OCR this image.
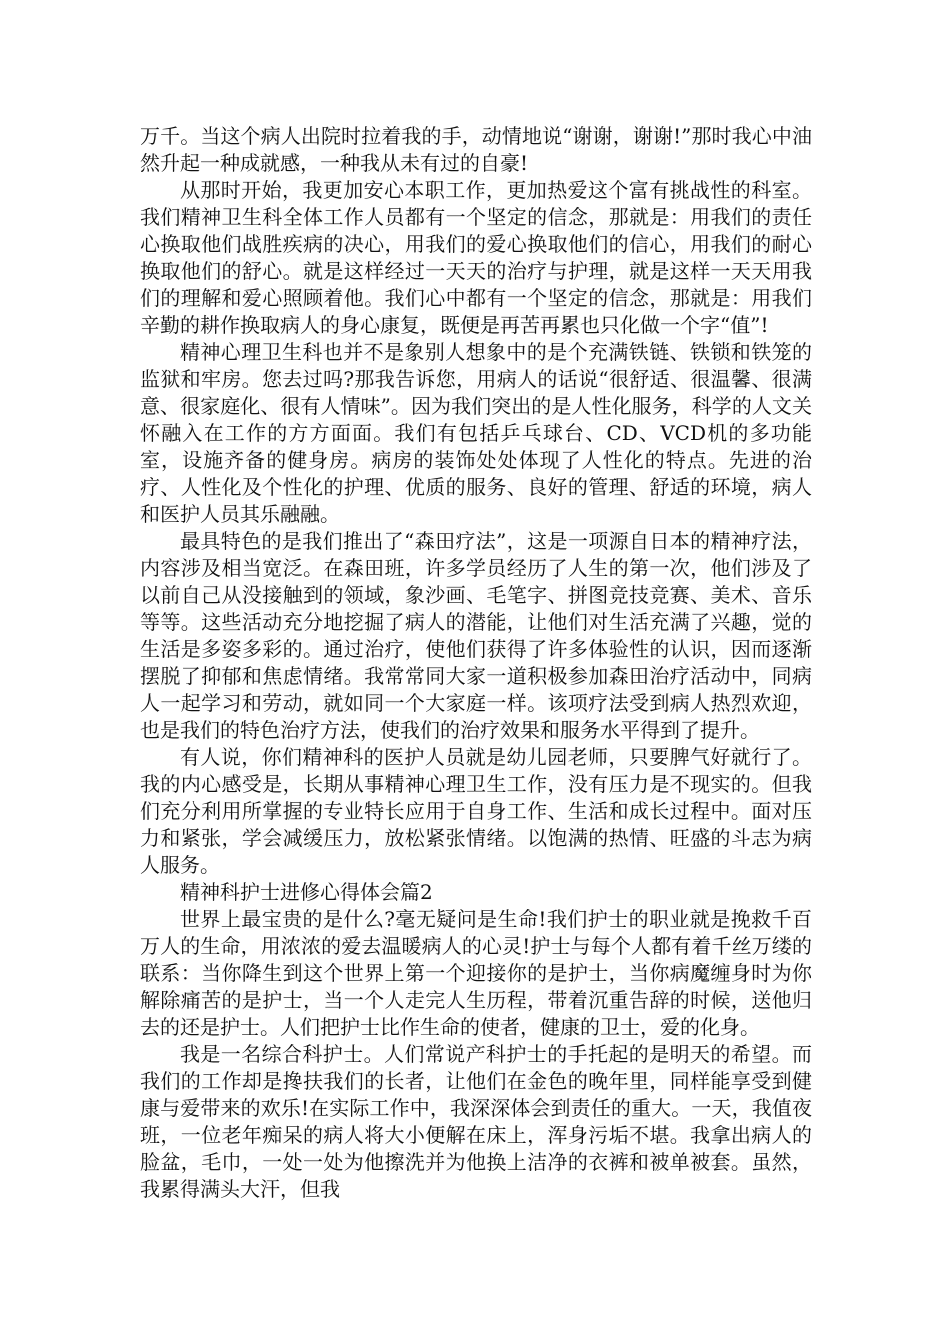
万千。当这个病人出院时拉着我的手，动情地说“谢谢，谢谢!”那时我心中油然升起一种成就感，一种我从未有过的自豪!

从那时开始，我更加安心本职工作，更加热爱这个富有挑战性的科室。我们精神卫生科全体工作人员都有一个坚定的信念，那就是：用我们的责任心换取他们战胜疾病的决心，用我们的爱心换取他们的信心，用我们的耐心换取他们的舒心。就是这样经过一天天的治疗与护理，就是这样一天天用我们的理解和爱心照顾着他。我们心中都有一个坚定的信念，那就是：用我们辛勤的耕作换取病人的身心康复，既便是再苦再累也只化做一个字“值”!

精神心理卫生科也并不是象别人想象中的是个充满铁链、铁锁和铁笼的监狱和牢房。您去过吗?那我告诉您，用病人的话说“很舒适、很温馨、很满意、很家庭化、很有人情味”。因为我们突出的是人性化服务，科学的人文关怀融入在工作的方方面面。我们有包括乒乓球台、CD、VCD机的多功能室，设施齐备的健身房。病房的装饰处处体现了人性化的特点。先进的治疗、人性化及个性化的护理、优质的服务、良好的管理、舒适的环境，病人和医护人员其乐融融。

最具特色的是我们推出了“森田疗法”，这是一项源自日本的精神疗法，内容涉及相当宽泛。在森田班，许多学员经历了人生的第一次，他们涉及了以前自己从没接触到的领域，象沙画、毛笔字、拼图竞技竞赛、美术、音乐等等。这些活动充分地挖掘了病人的潜能，让他们对生活充满了兴趣，觉的生活是多姿多彩的。通过治疗，使他们获得了许多体验性的认识，因而逐渐摆脱了抑郁和焦虑情绪。我常常同大家一道积极参加森田治疗活动中，同病人一起学习和劳动，就如同一个大家庭一样。该项疗法受到病人热烈欢迎，也是我们的特色治疗方法，使我们的治疗效果和服务水平得到了提升。

有人说，你们精神科的医护人员就是幼儿园老师，只要脾气好就行了。我的内心感受是，长期从事精神心理卫生工作，没有压力是不现实的。但我们充分利用所掌握的专业特长应用于自身工作、生活和成长过程中。面对压力和紧张，学会减缓压力，放松紧张情绪。以饱满的热情、旺盛的斗志为病人服务。

精神科护士进修心得体会篇2

世界上最宝贵的是什么?毫无疑问是生命!我们护士的职业就是挽救千百万人的生命，用浓浓的爱去温暖病人的心灵!护士与每个人都有着千丝万缕的联系：当你降生到这个世界上第一个迎接你的是护士，当你病魔缠身时为你解除痛苦的是护士，当一个人走完人生历程，带着沉重告辞的时候，送他归去的还是护士。人们把护士比作生命的使者，健康的卫士，爱的化身。

我是一名综合科护士。人们常说产科护士的手托起的是明天的希望。而我们的工作却是搀扶我们的长者，让他们在金色的晚年里，同样能享受到健康与爱带来的欢乐!在实际工作中，我深深体会到责任的重大。一天，我值夜班，一位老年痴呆的病人将大小便解在床上，浑身污垢不堪。我拿出病人的脸盆，毛巾，一处一处为他擦洗并为他换上洁净的衣裤和被单被套。虽然，我累得满头大汗，但我
